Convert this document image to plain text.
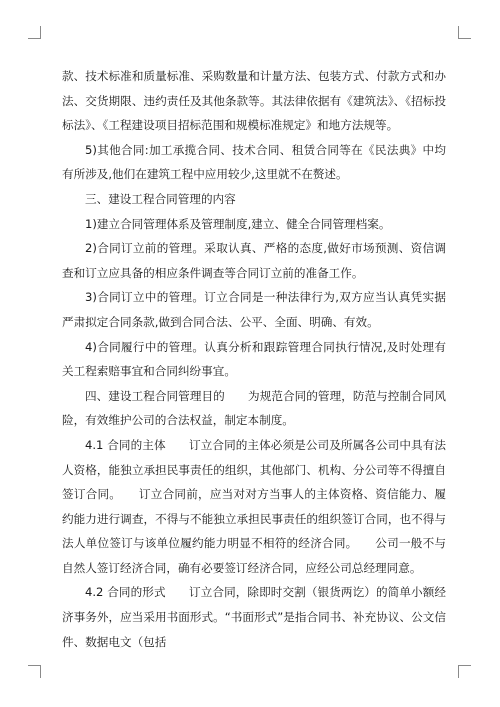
款、技术标准和质量标准、采购数量和计量方法、包装方式、付款方式和办法、交货期限、违约责任及其他条款等。其法律依据有《建筑法》、《招标投标法》、《工程建设项目招标范围和规模标准规定》和地方法规等。

5)其他合同:加工承揽合同、技术合同、租赁合同等在《民法典》中均有所涉及,他们在建筑工程中应用较少,这里就不在赘述。

三、建设工程合同管理的内容

1)建立合同管理体系及管理制度,建立、健全合同管理档案。

2)合同订立前的管理。采取认真、严格的态度,做好市场预测、资信调查和订立应具备的相应条件调查等合同订立前的准备工作。

3)合同订立中的管理。订立合同是一种法律行为,双方应当认真凭实据严肃拟定合同条款,做到合同合法、公平、全面、明确、有效。

4)合同履行中的管理。认真分析和跟踪管理合同执行情况,及时处理有关工程索赔事宜和合同纠纷事宜。

四、建设工程合同管理目的　　为规范合同的管理，防范与控制合同风险，有效维护公司的合法权益，制定本制度。

4.1 合同的主体　　订立合同的主体必须是公司及所属各公司中具有法人资格，能独立承担民事责任的组织，其他部门、机构、分公司等不得擅自签订合同。　　订立合同前，应当对对方当事人的主体资格、资信能力、履约能力进行调查，不得与不能独立承担民事责任的组织签订合同，也不得与法人单位签订与该单位履约能力明显不相符的经济合同。　　公司一般不与自然人签订经济合同，确有必要签订经济合同，应经公司总经理同意。

4.2 合同的形式　　订立合同，除即时交割（银货两讫）的简单小额经济事务外，应当采用书面形式。“书面形式”是指合同书、补充协议、公文信件、数据电文（包括
